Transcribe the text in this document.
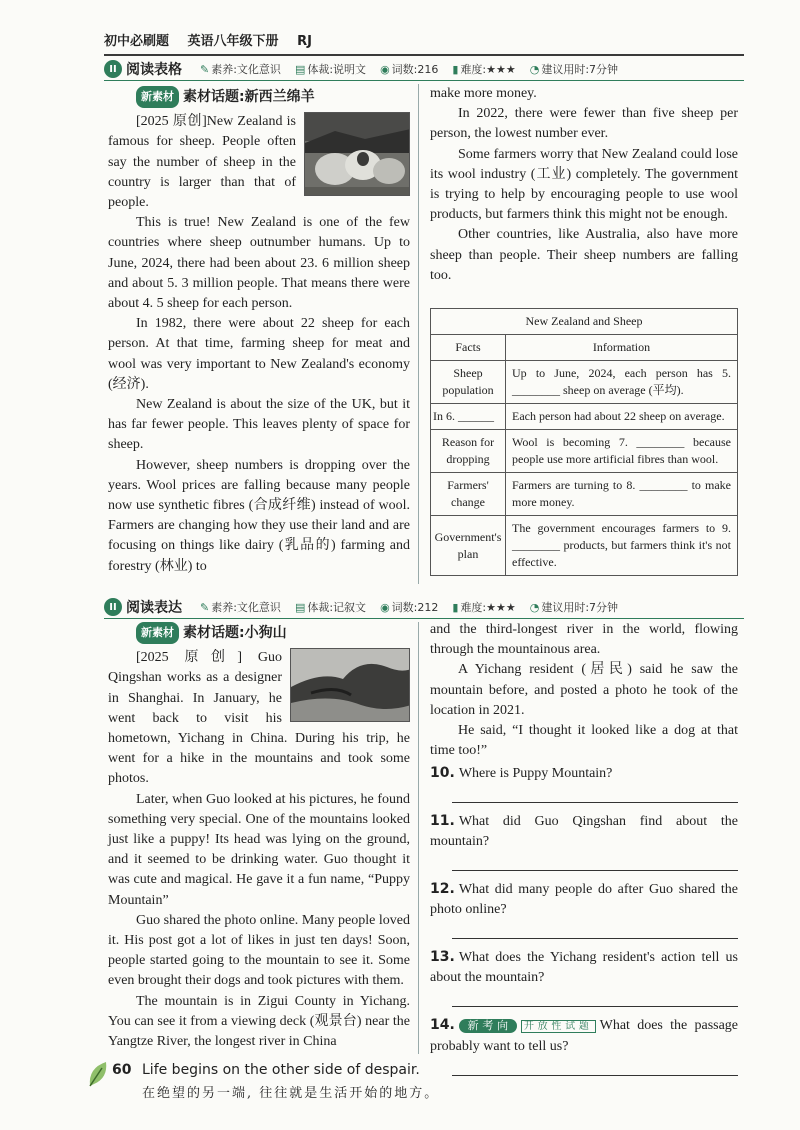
初中必刷题 英语八年级下册 RJ
II 阅读表格 ✎ 素养:文化意识 ▤ 体裁:说明文 ◉ 词数:216 ▮ 难度:★★★ ◔ 建议用时:7分钟
新素材 素材话题:新西兰绵羊

[2025 原创]New Zealand is famous for sheep. People often say the number of sheep in the country is larger than that of people.

This is true! New Zealand is one of the few countries where sheep outnumber humans. Up to June, 2024, there had been about 23. 6 million sheep and about 5. 3 million people. That means there were about 4. 5 sheep for each person.

In 1982, there were about 22 sheep for each person. At that time, farming sheep for meat and wool was very important to New Zealand's economy (经济).

New Zealand is about the size of the UK, but it has far fewer people. This leaves plenty of space for sheep.

However, sheep numbers is dropping over the years. Wool prices are falling because many people now use synthetic fibres (合成纤维) instead of wool. Farmers are changing how they use their land and are focusing on things like dairy (乳品的) farming and forestry (林业) to

make more money.

In 2022, there were fewer than five sheep per person, the lowest number ever.

Some farmers worry that New Zealand could lose its wool industry (工业) completely. The government is trying to help by encouraging people to use wool products, but farmers think this might not be enough.

Other countries, like Australia, also have more sheep than people. Their sheep numbers are falling too.

New Zealand and Sheep
Facts	Information
Sheep population
Up to June, 2024, each person has 5. ________ sheep on average (平均).
In 6. ______	Each person had about 22 sheep on average.
Reason for dropping
Wool is becoming 7. ________ because people use more artificial fibres than wool.
Farmers' change
Farmers are turning to 8. ________ to make more money.
Government's plan
The government encourages farmers to 9. ________ products, but farmers think it's not effective.
II 阅读表达 ✎ 素养:文化意识 ▤ 体裁:记叙文 ◉ 词数:212 ▮ 难度:★★★ ◔ 建议用时:7分钟
新素材 素材话题:小狗山

[2025 原创] Guo Qingshan works as a designer in Shanghai. In January, he went back to visit his hometown, Yichang in China. During his trip, he went for a hike in the mountains and took some photos.

Later, when Guo looked at his pictures, he found something very special. One of the mountains looked just like a puppy! Its head was lying on the ground, and it seemed to be drinking water. Guo thought it was cute and magical. He gave it a fun name, “Puppy Mountain”

Guo shared the photo online. Many people loved it. His post got a lot of likes in just ten days! Soon, people started going to the mountain to see it. Some even brought their dogs and took pictures with them.

The mountain is in Zigui County in Yichang. You can see it from a viewing deck (观景台) near the Yangtze River, the longest river in China

and the third-longest river in the world, flowing through the mountainous area.

A Yichang resident (居民) said he saw the mountain before, and posted a photo he took of the location in 2021.

He said, “I thought it looked like a dog at that time too!”

10. Where is Puppy Mountain?
11. What did Guo Qingshan find about the mountain?
12. What did many people do after Guo shared the photo online?
13. What does the Yichang resident's action tell us about the mountain?
14. 新考向 开放性试题 What does the passage probably want to tell us?
60 Life begins on the other side of despair.
在绝望的另一端, 往往就是生活开始的地方。
